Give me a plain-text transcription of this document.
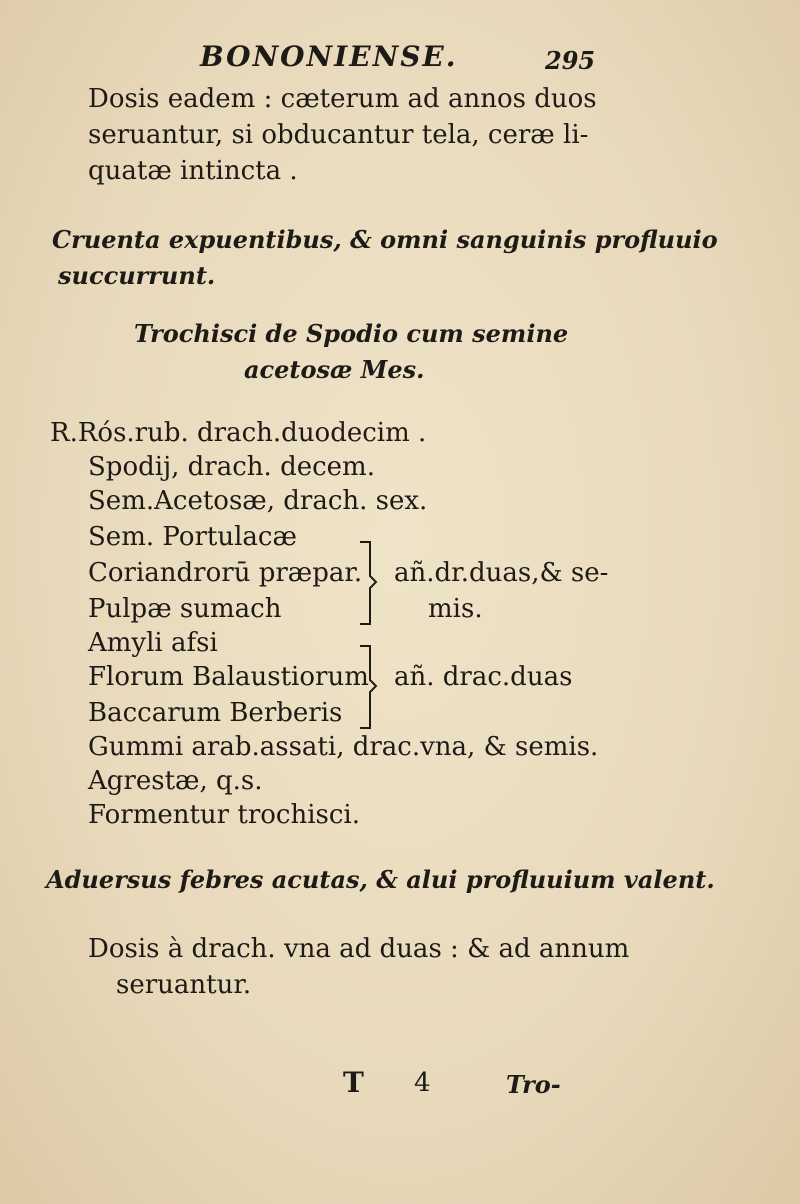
BONONIENSE.	295
Dosis eadem : cæterum ad annos duos
seruantur, si obducantur tela, ceræ li-
quatæ intincta .
Cruenta expuentibus, & omni sanguinis profluuio
succurrunt.
Trochisci de Spodio cum semine
acetosæ Mes.
R.Rós.rub. drach.duodecim .
Spodij, drach. decem.
Sem.Acetosæ, drach. sex.
Sem. Portulacæ
Coriandrorū præpar.
Pulpæ sumach
Amyli afsi
Florum Balaustiorum
Baccarum Berberis
Gummi arab.assati, drac.vna, & semis.
Agrestæ, q.s.
Formentur trochisci.
añ.dr.duas,& se-
mis.
añ. drac.duas
Aduersus febres acutas, & alui profluuium valent.
Dosis à drach. vna ad duas : & ad annum
seruantur.
T 4	Tro-
